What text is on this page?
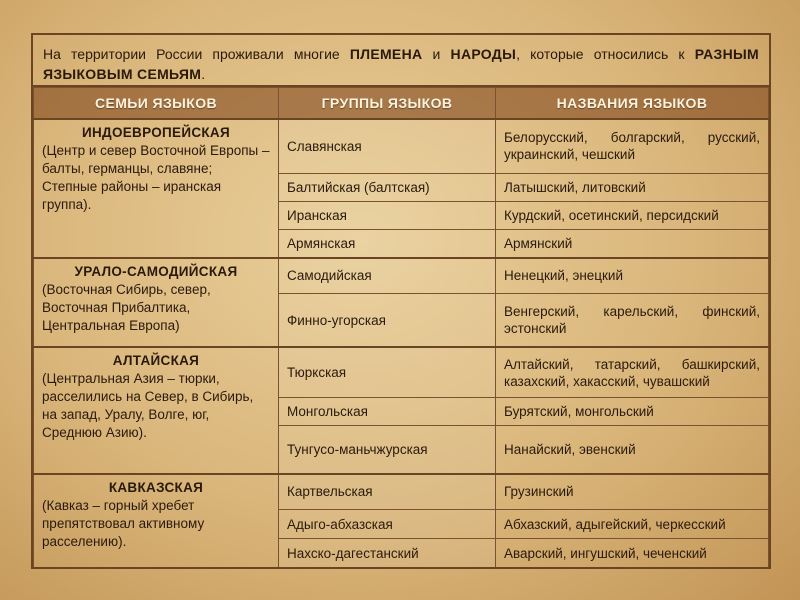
На территории России проживали многие ПЛЕМЕНА и НАРОДЫ, которые относились к РАЗНЫМ ЯЗЫКОВЫМ СЕМЬЯМ.
СЕМЬИ ЯЗЫКОВ	ГРУППЫ ЯЗЫКОВ	НАЗВАНИЯ ЯЗЫКОВ

ИНДОЕВРОПЕЙСКАЯ
(Центр и север Восточной Европы – балты, германцы, славяне; Степные районы – иранская группа).	Славянская	Белорусский, болгарский, русский, украинский, чешский
	Балтийская (балтская)	Латышский, литовский
	Иранская	Курдский, осетинский, персидский
	Армянская	Армянский

УРАЛО-САМОДИЙСКАЯ
(Восточная Сибирь, север, Восточная Прибалтика, Центральная Европа)	Самодийская	Ненецкий, энецкий
	Финно-угорская	Венгерский, карельский, финский, эстонский

АЛТАЙСКАЯ
(Центральная Азия – тюрки, расселились на Север, в Сибирь, на запад, Уралу, Волге, юг, Среднюю Азию).	Тюркская	Алтайский, татарский, башкирский, казахский, хакасский, чувашский
	Монгольская	Бурятский, монгольский
	Тунгусо-маньчжурская	Нанайский, эвенский

КАВКАЗСКАЯ
(Кавказ – горный хребет препятствовал активному расселению).	Картвельская	Грузинский
	Адыго-абхазская	Абхазский, адыгейский, черкесский
	Нахско-дагестанский	Аварский, ингушский, чеченский
